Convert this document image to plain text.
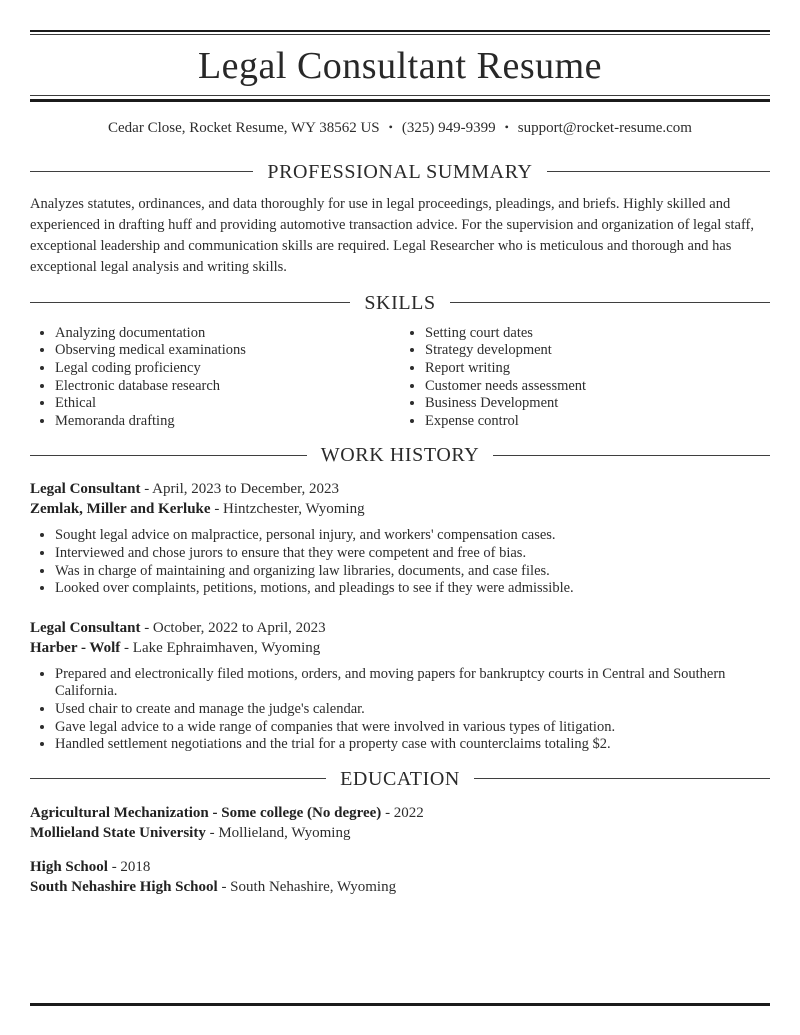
Legal Consultant Resume
Cedar Close, Rocket Resume, WY 38562 US • (325) 949-9399 • support@rocket-resume.com
PROFESSIONAL SUMMARY

Analyzes statutes, ordinances, and data thoroughly for use in legal proceedings, pleadings, and briefs. Highly skilled and experienced in drafting huff and providing automotive transaction advice. For the supervision and organization of legal staff, exceptional leadership and communication skills are required. Legal Researcher who is meticulous and thorough and has exceptional legal analysis and writing skills.

SKILLS
• Analyzing documentation
• Observing medical examinations
• Legal coding proficiency
• Electronic database research
• Ethical
• Memoranda drafting
• Setting court dates
• Strategy development
• Report writing
• Customer needs assessment
• Business Development
• Expense control
WORK HISTORY
Legal Consultant - April, 2023 to December, 2023
Zemlak, Miller and Kerluke - Hintzchester, Wyoming
• Sought legal advice on malpractice, personal injury, and workers' compensation cases.
• Interviewed and chose jurors to ensure that they were competent and free of bias.
• Was in charge of maintaining and organizing law libraries, documents, and case files.
• Looked over complaints, petitions, motions, and pleadings to see if they were admissible.
Legal Consultant - October, 2022 to April, 2023
Harber - Wolf - Lake Ephraimhaven, Wyoming
• Prepared and electronically filed motions, orders, and moving papers for bankruptcy courts in Central and Southern California.
• Used chair to create and manage the judge's calendar.
• Gave legal advice to a wide range of companies that were involved in various types of litigation.
• Handled settlement negotiations and the trial for a property case with counterclaims totaling $2.
EDUCATION
Agricultural Mechanization - Some college (No degree) - 2022
Mollieland State University - Mollieland, Wyoming
High School - 2018
South Nehashire High School - South Nehashire, Wyoming
